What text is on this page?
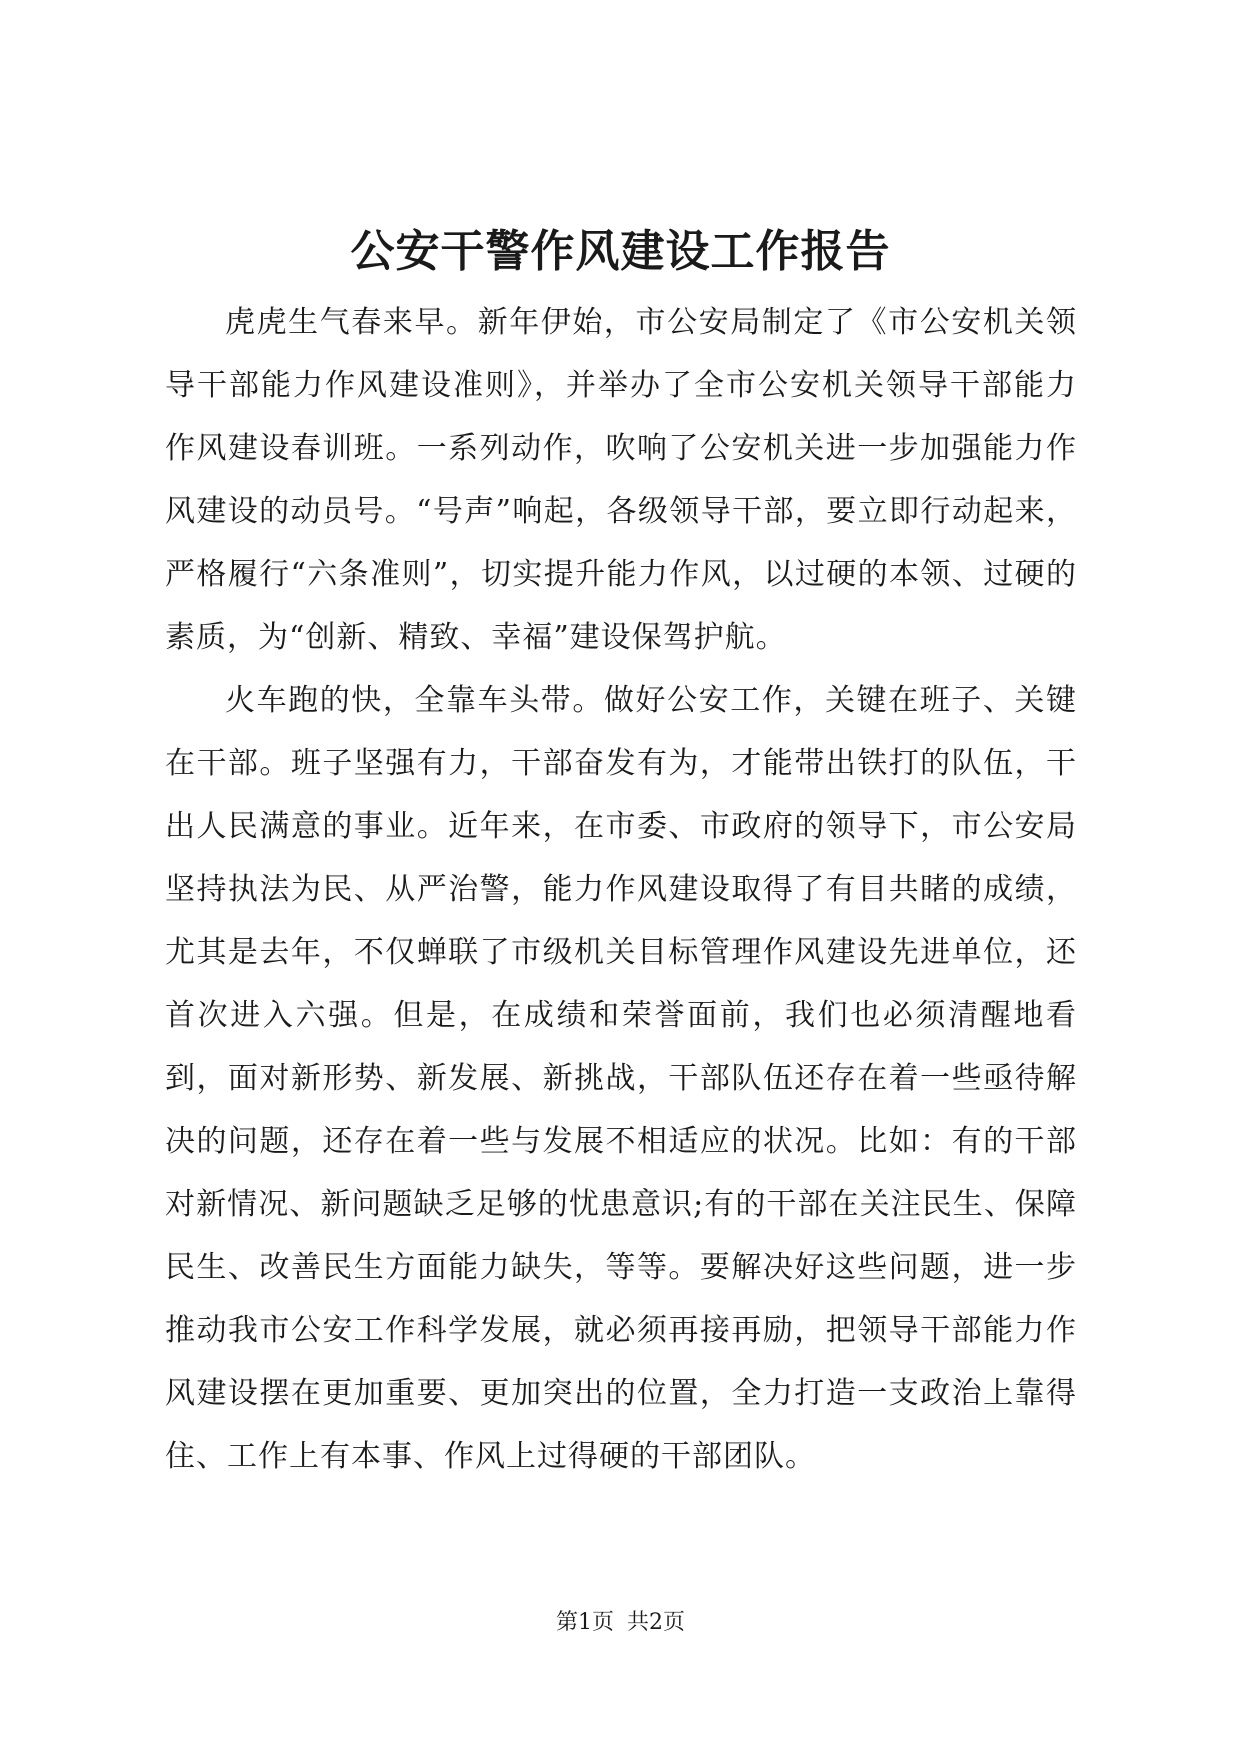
公安干警作风建设工作报告

虎虎生气春来早。新年伊始，市公安局制定了《市公安机关领导干部能力作风建设准则》，并举办了全市公安机关领导干部能力作风建设春训班。一系列动作，吹响了公安机关进一步加强能力作风建设的动员号。“号声”响起，各级领导干部，要立即行动起来，严格履行“六条准则”，切实提升能力作风，以过硬的本领、过硬的素质，为“创新、精致、幸福”建设保驾护航。

火车跑的快，全靠车头带。做好公安工作，关键在班子、关键在干部。班子坚强有力，干部奋发有为，才能带出铁打的队伍，干出人民满意的事业。近年来，在市委、市政府的领导下，市公安局坚持执法为民、从严治警，能力作风建设取得了有目共睹的成绩，尤其是去年，不仅蝉联了市级机关目标管理作风建设先进单位，还首次进入六强。但是，在成绩和荣誉面前，我们也必须清醒地看到，面对新形势、新发展、新挑战，干部队伍还存在着一些亟待解决的问题，还存在着一些与发展不相适应的状况。比如：有的干部对新情况、新问题缺乏足够的忧患意识;有的干部在关注民生、保障民生、改善民生方面能力缺失，等等。要解决好这些问题，进一步推动我市公安工作科学发展，就必须再接再励，把领导干部能力作风建设摆在更加重要、更加突出的位置，全力打造一支政治上靠得住、工作上有本事、作风上过得硬的干部团队。

第1页 共2页
